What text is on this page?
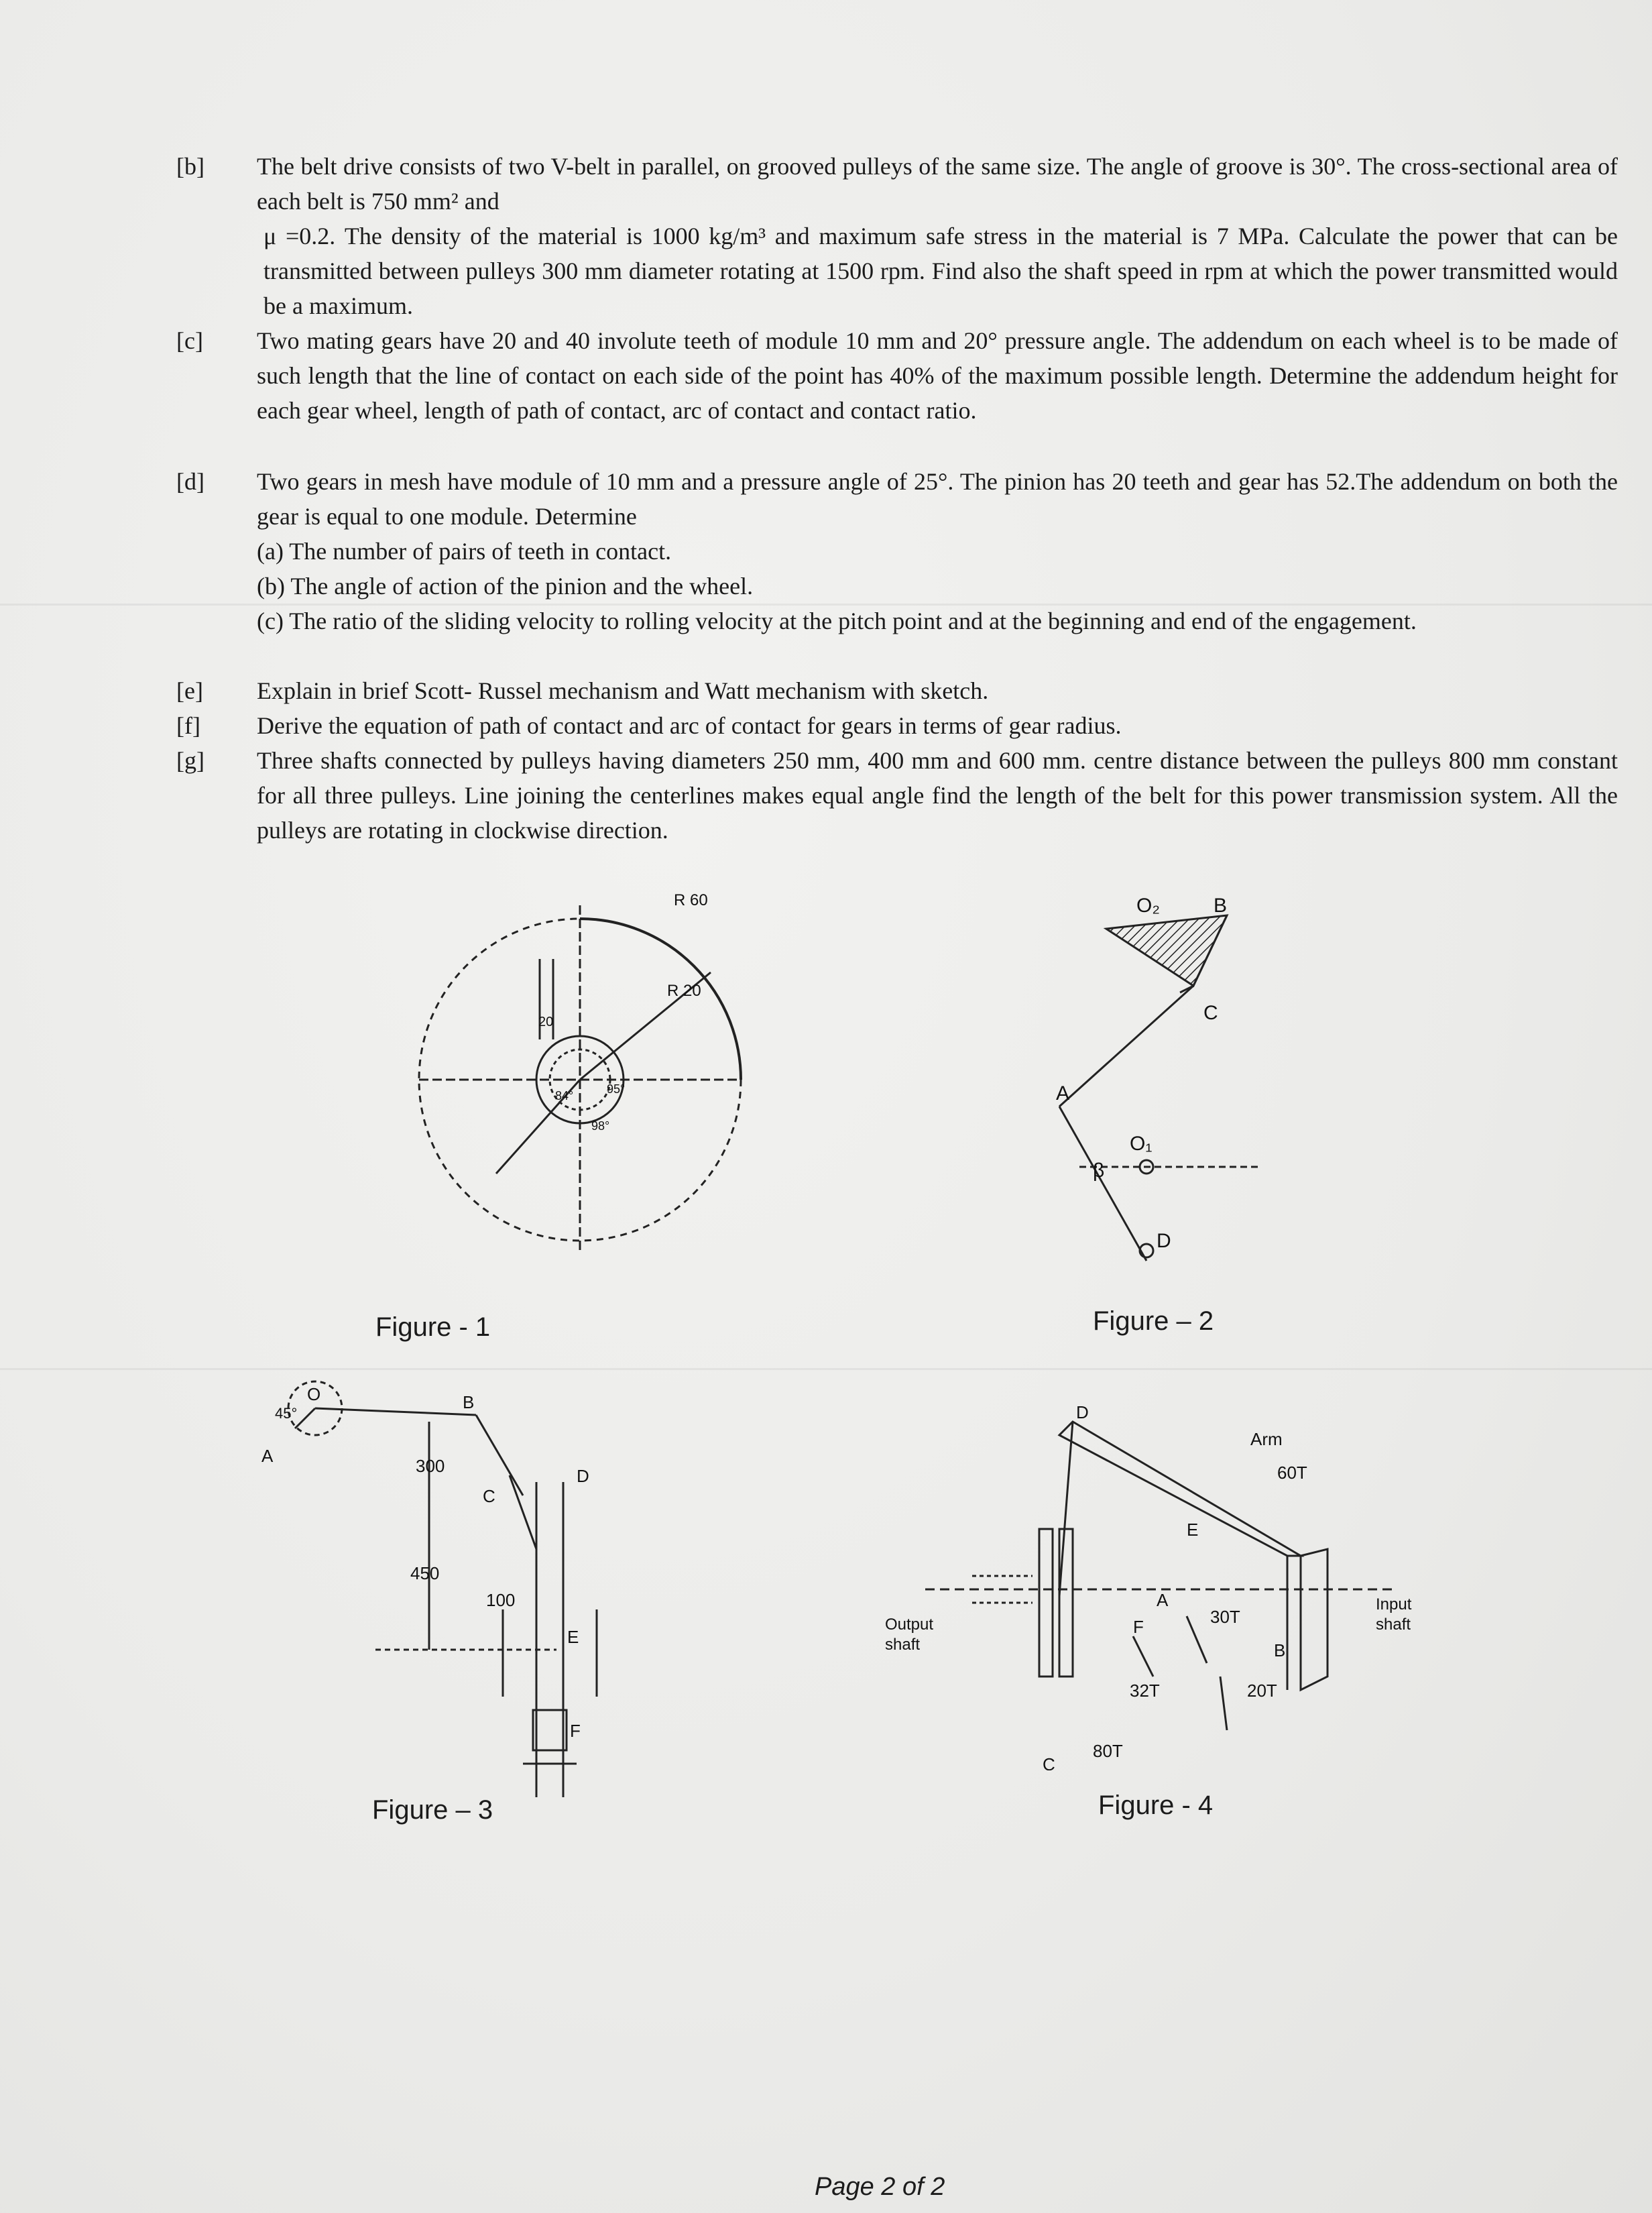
[b]	The belt drive consists of two V-belt in parallel, on grooved pulleys of the same size. The angle of groove is 30°. The cross-sectional area of each belt is 750 mm² and

μ =0.2. The density of the material is 1000 kg/m³ and maximum safe stress in the material is 7 MPa. Calculate the power that can be transmitted between pulleys 300 mm diameter rotating at 1500 rpm. Find also the shaft speed in rpm at which the power transmitted would be a maximum.

[c]	Two mating gears have 20 and 40 involute teeth of module 10 mm and 20° pressure angle. The addendum on each wheel is to be made of such length that the line of contact on each side of the point has 40% of the maximum possible length. Determine the addendum height for each gear wheel, length of path of contact, arc of contact and contact ratio.

[d]	Two gears in mesh have module of 10 mm and a pressure angle of 25°. The pinion has 20 teeth and gear has 52.The addendum on both the gear is equal to one module. Determine

(a) The number of pairs of teeth in contact.

(b) The angle of action of the pinion and the wheel.

(c) The ratio of the sliding velocity to rolling velocity at the pitch point and at the beginning and end of the engagement.

[e]	Explain in brief Scott- Russel mechanism and Watt mechanism with sketch.

[f]	Derive the equation of path of contact and arc of contact for gears in terms of gear radius.

[g]	Three shafts connected by pulleys having diameters 250 mm, 400 mm and 600 mm. centre distance between the pulleys 800 mm constant for all three pulleys. Line joining the centerlines makes equal angle find the length of the belt for this power transmission system. All the pulleys are rotating in clockwise direction.

R 60
R 20
20
84°	95°
98°
Figure - 1
O₂	B
C
A
O₁
β
D
Figure – 2
45°
O
A
B
C
D
E
F
300
450
100
Figure – 3
D
Arm
60T
E
A
30T
Output
shaft
Input
shaft
F
B
32T	20T
80T
C
Figure - 4
Page 2 of 2
